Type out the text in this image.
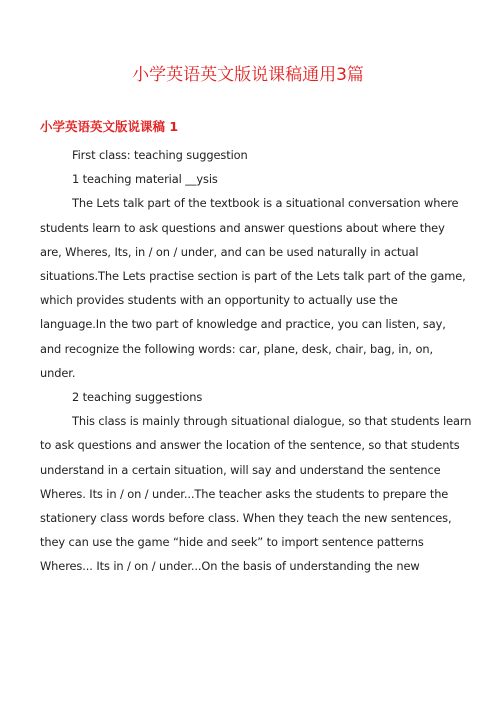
小学英语英文版说课稿通用3篇
小学英语英文版说课稿 1
First class: teaching suggestion
1 teaching material __ysis
The Lets talk part of the textbook is a situational conversation where
students learn to ask questions and answer questions about where they
are, Wheres, Its, in / on / under, and can be used naturally in actual
situations.The Lets practise section is part of the Lets talk part of the game,
which provides students with an opportunity to actually use the
language.In the two part of knowledge and practice, you can listen, say,
and recognize the following words: car, plane, desk, chair, bag, in, on,
under.
2 teaching suggestions
This class is mainly through situational dialogue, so that students learn
to ask questions and answer the location of the sentence, so that students
understand in a certain situation, will say and understand the sentence
Wheres. Its in / on / under...The teacher asks the students to prepare the
stationery class words before class. When they teach the new sentences,
they can use the game “hide and seek” to import sentence patterns
Wheres... Its in / on / under...On the basis of understanding the new
